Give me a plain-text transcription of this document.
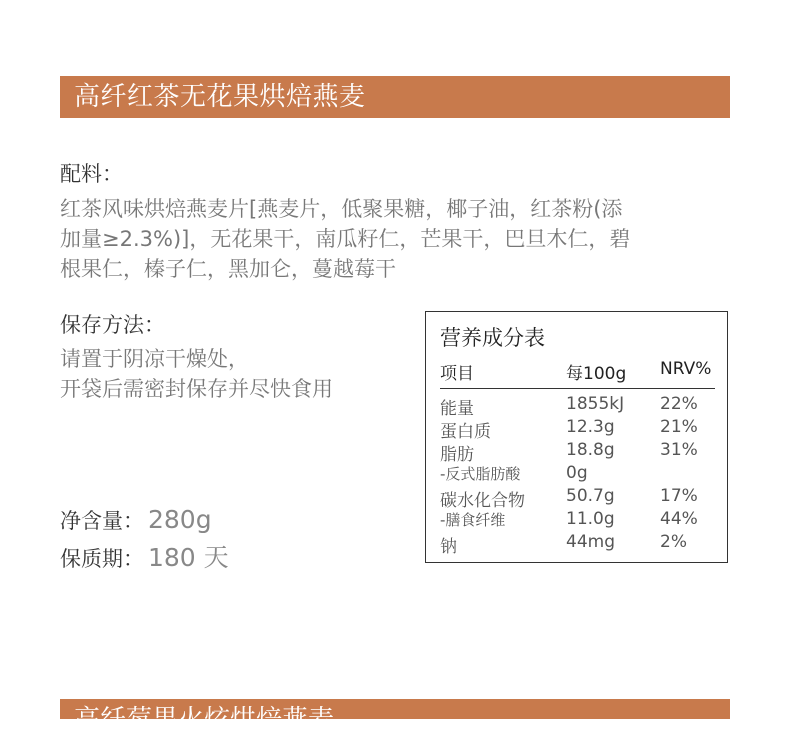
高纤红茶无花果烘焙燕麦
配料：
红茶风味烘焙燕麦片[燕麦片，低聚果糖，椰子油，红茶粉(添
加量≥2.3%)]，无花果干，南瓜籽仁，芒果干，巴旦木仁，碧
根果仁，榛子仁，黑加仑，蔓越莓干
保存方法：
请置于阴凉干燥处，
开袋后需密封保存并尽快食用
净含量： 280g
保质期： 180 天
营养成分表
项目	每100g NRV%
能量	1855kJ 22%
蛋白质	12.3g	21%
脂肪	18.8g	31%
-反式脂肪酸	0g
碳水化合物 50.7g	17%
-膳食纤维	11.0g	44%
钠	44mg	2%
高纤莓果火炫烘焙燕麦
